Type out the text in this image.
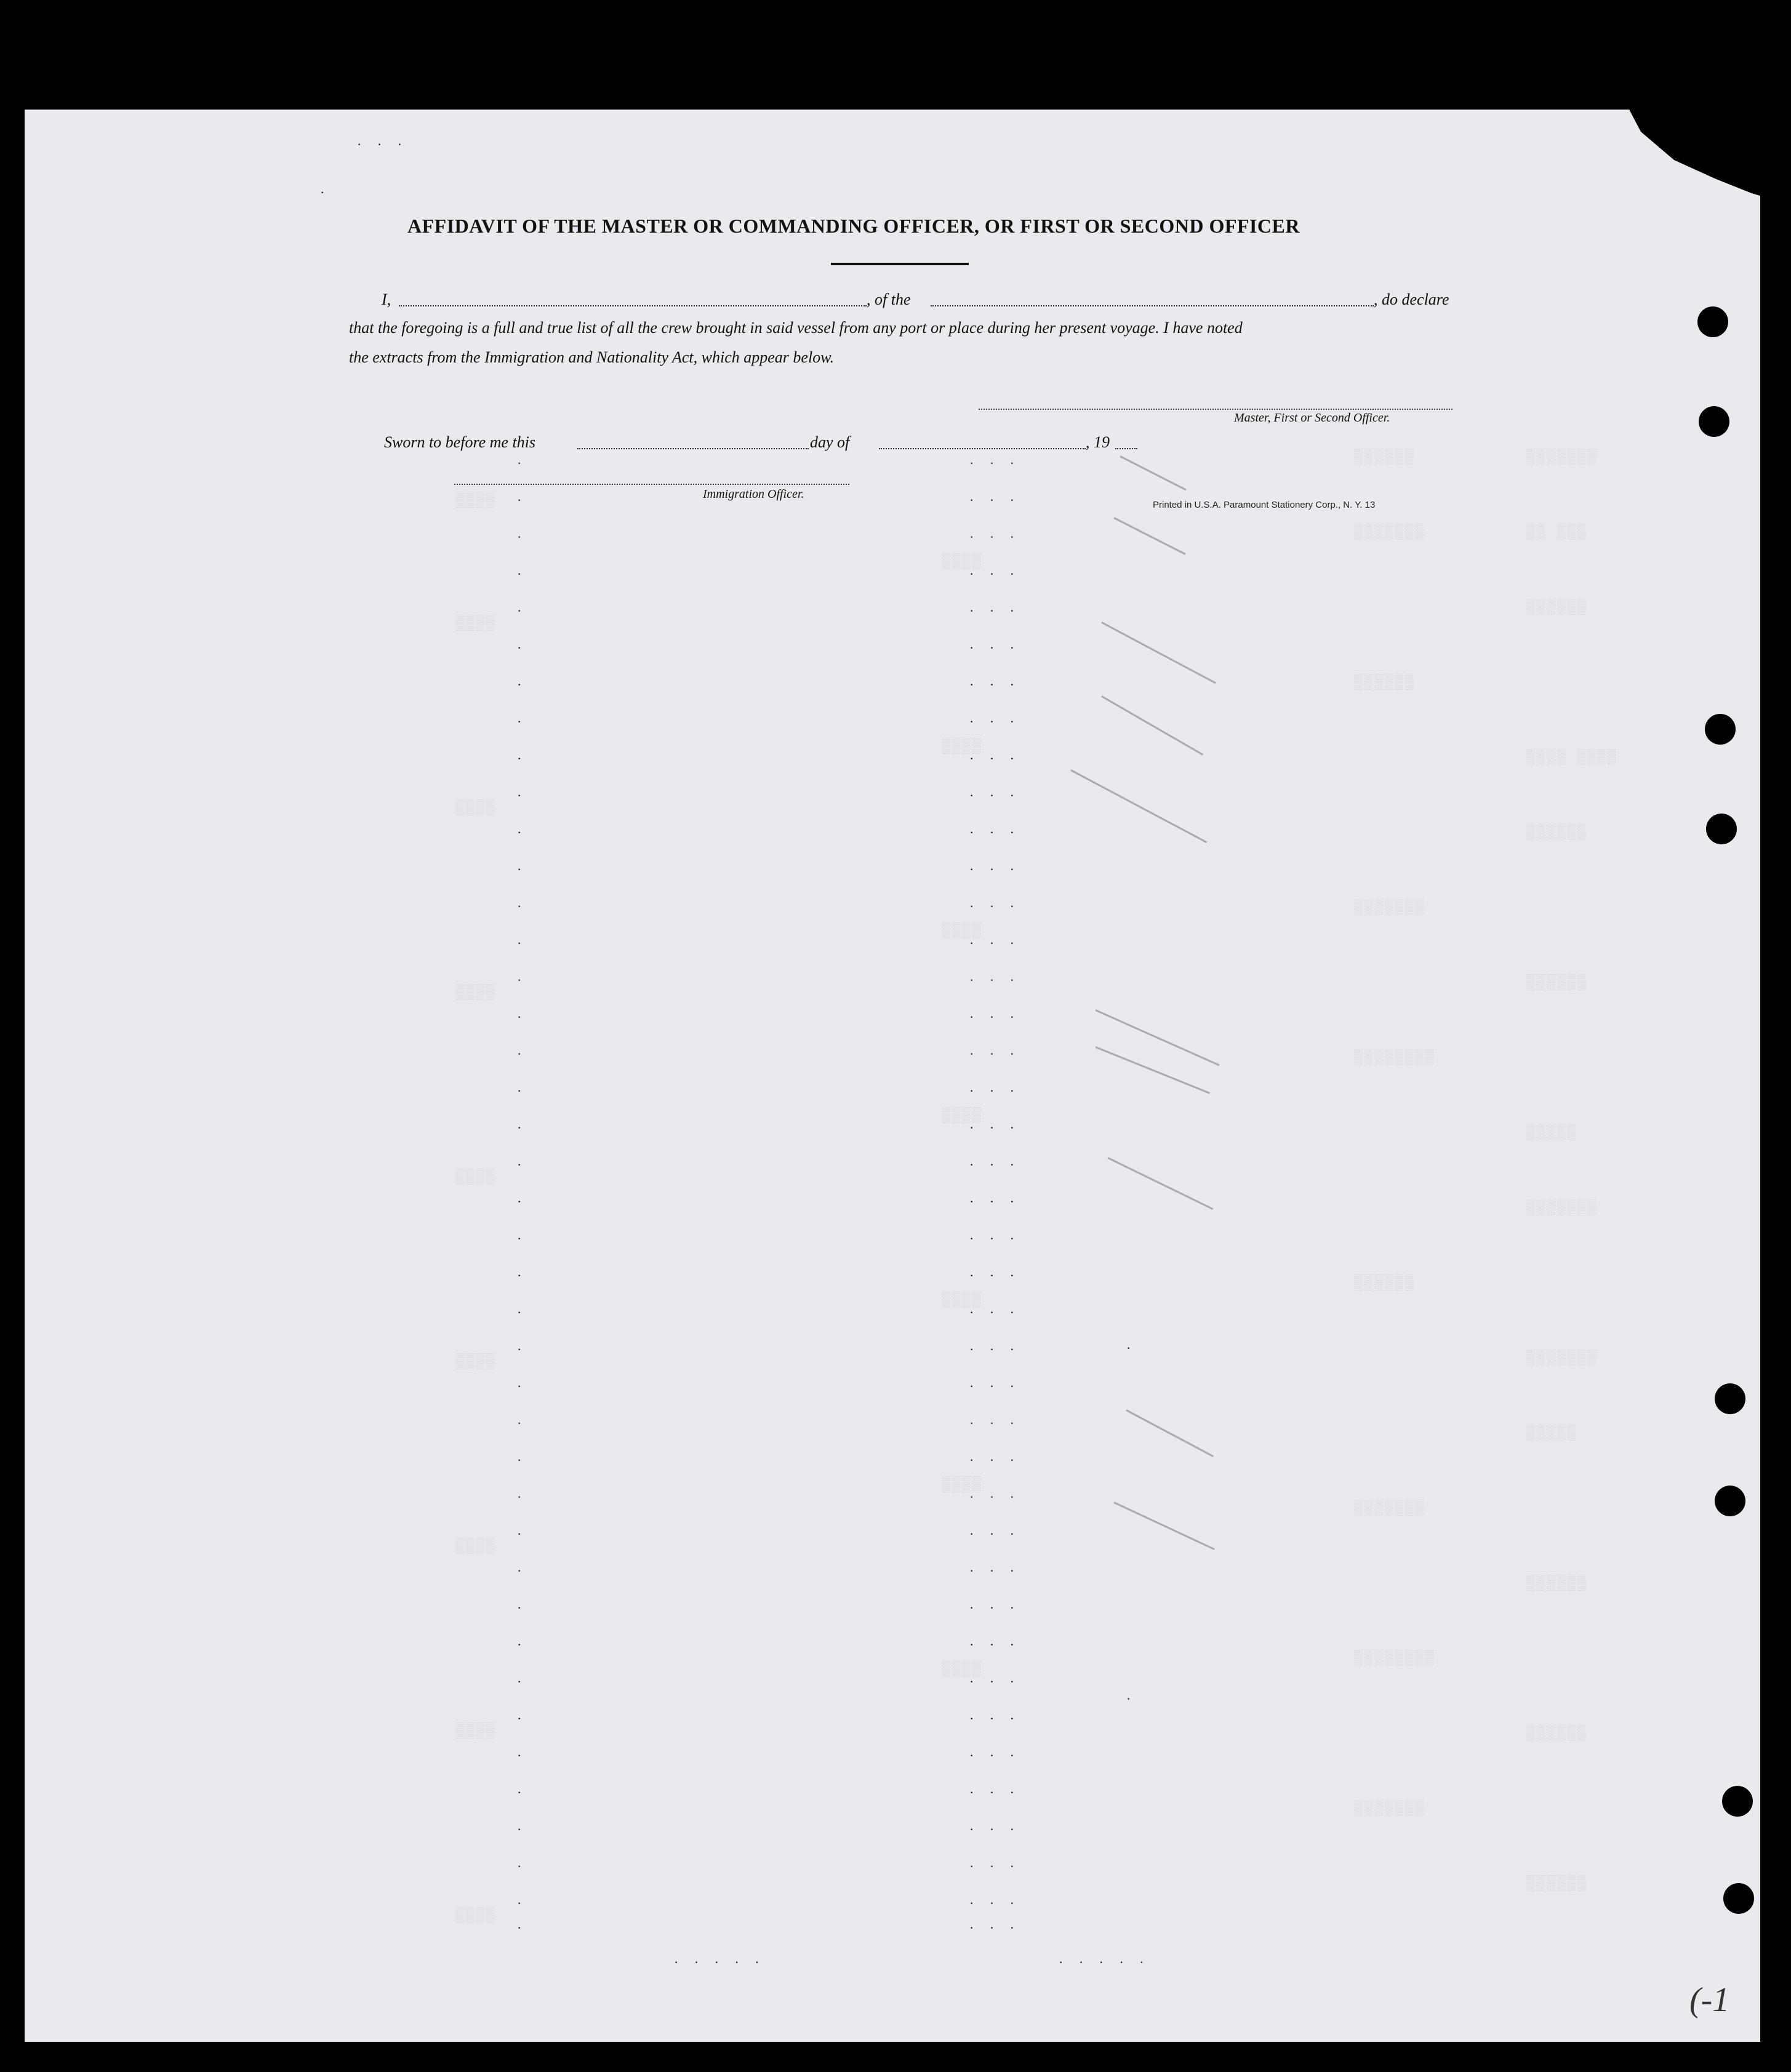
▒▒▒▒▒▒▒
▒▒▒▒▒▒
▒▒ ▒▒▒
▒▒▒▒▒▒▒
▒▒▒▒▒▒
▒▒▒▒▒▒
▒▒▒▒ ▒▒▒▒
▒▒▒▒▒▒
▒▒▒▒▒▒▒
▒▒▒▒▒▒
▒▒▒▒▒▒▒▒
▒▒▒▒▒
▒▒▒▒▒▒▒
▒▒▒▒▒▒
▒▒▒▒▒▒▒
▒▒▒▒▒
▒▒▒▒▒▒▒
▒▒▒▒▒▒
▒▒▒▒▒▒▒▒
▒▒▒▒▒▒
▒▒▒▒▒▒▒
▒▒▒▒▒▒
▒▒▒▒
▒▒▒▒
▒▒▒▒
▒▒▒▒
▒▒▒▒
▒▒▒▒
▒▒▒▒
▒▒▒▒
▒▒▒▒
▒▒▒▒
▒▒▒▒
▒▒▒▒
▒▒▒▒
▒▒▒▒
▒▒▒▒
▒▒▒▒
·
·
·
·
·
·
·
·
·
·
·
·
·
·
·
·
·
·
·
·
·
·
·
·
·
·
·
·
·
·
·
·
·
·
·
·
·
·
·
·
·
· · ·
· · ·
· · ·
· · ·
· · ·
· · ·
· · ·
· · ·
· · ·
· · ·
· · ·
· · ·
· · ·
· · ·
· · ·
· · ·
· · ·
· · ·
· · ·
· · ·
· · ·
· · ·
· · ·
· · ·
· · ·
· · ·
· · ·
· · ·
· · ·
· · ·
· · ·
· · ·
· · ·
· · ·
· · ·
· · ·
· · ·
· · ·
· · ·
· · ·
· · ·
· · · · ·	· · · · ·
· · ·
·
·
·
AFFIDAVIT OF THE MASTER OR COMMANDING OFFICER, OR FIRST OR SECOND OFFICER
I,	, of the	, do declare
that the foregoing is a full and true list of all the crew brought in said vessel from any port or place during her present voyage. I have noted
the extracts from the Immigration and Nationality Act, which appear below.
Master, First or Second Officer.
Sworn to before me this	day of	, 19
Immigration Officer.
Printed in U.S.A. Paramount Stationery Corp., N. Y. 13
(-1
